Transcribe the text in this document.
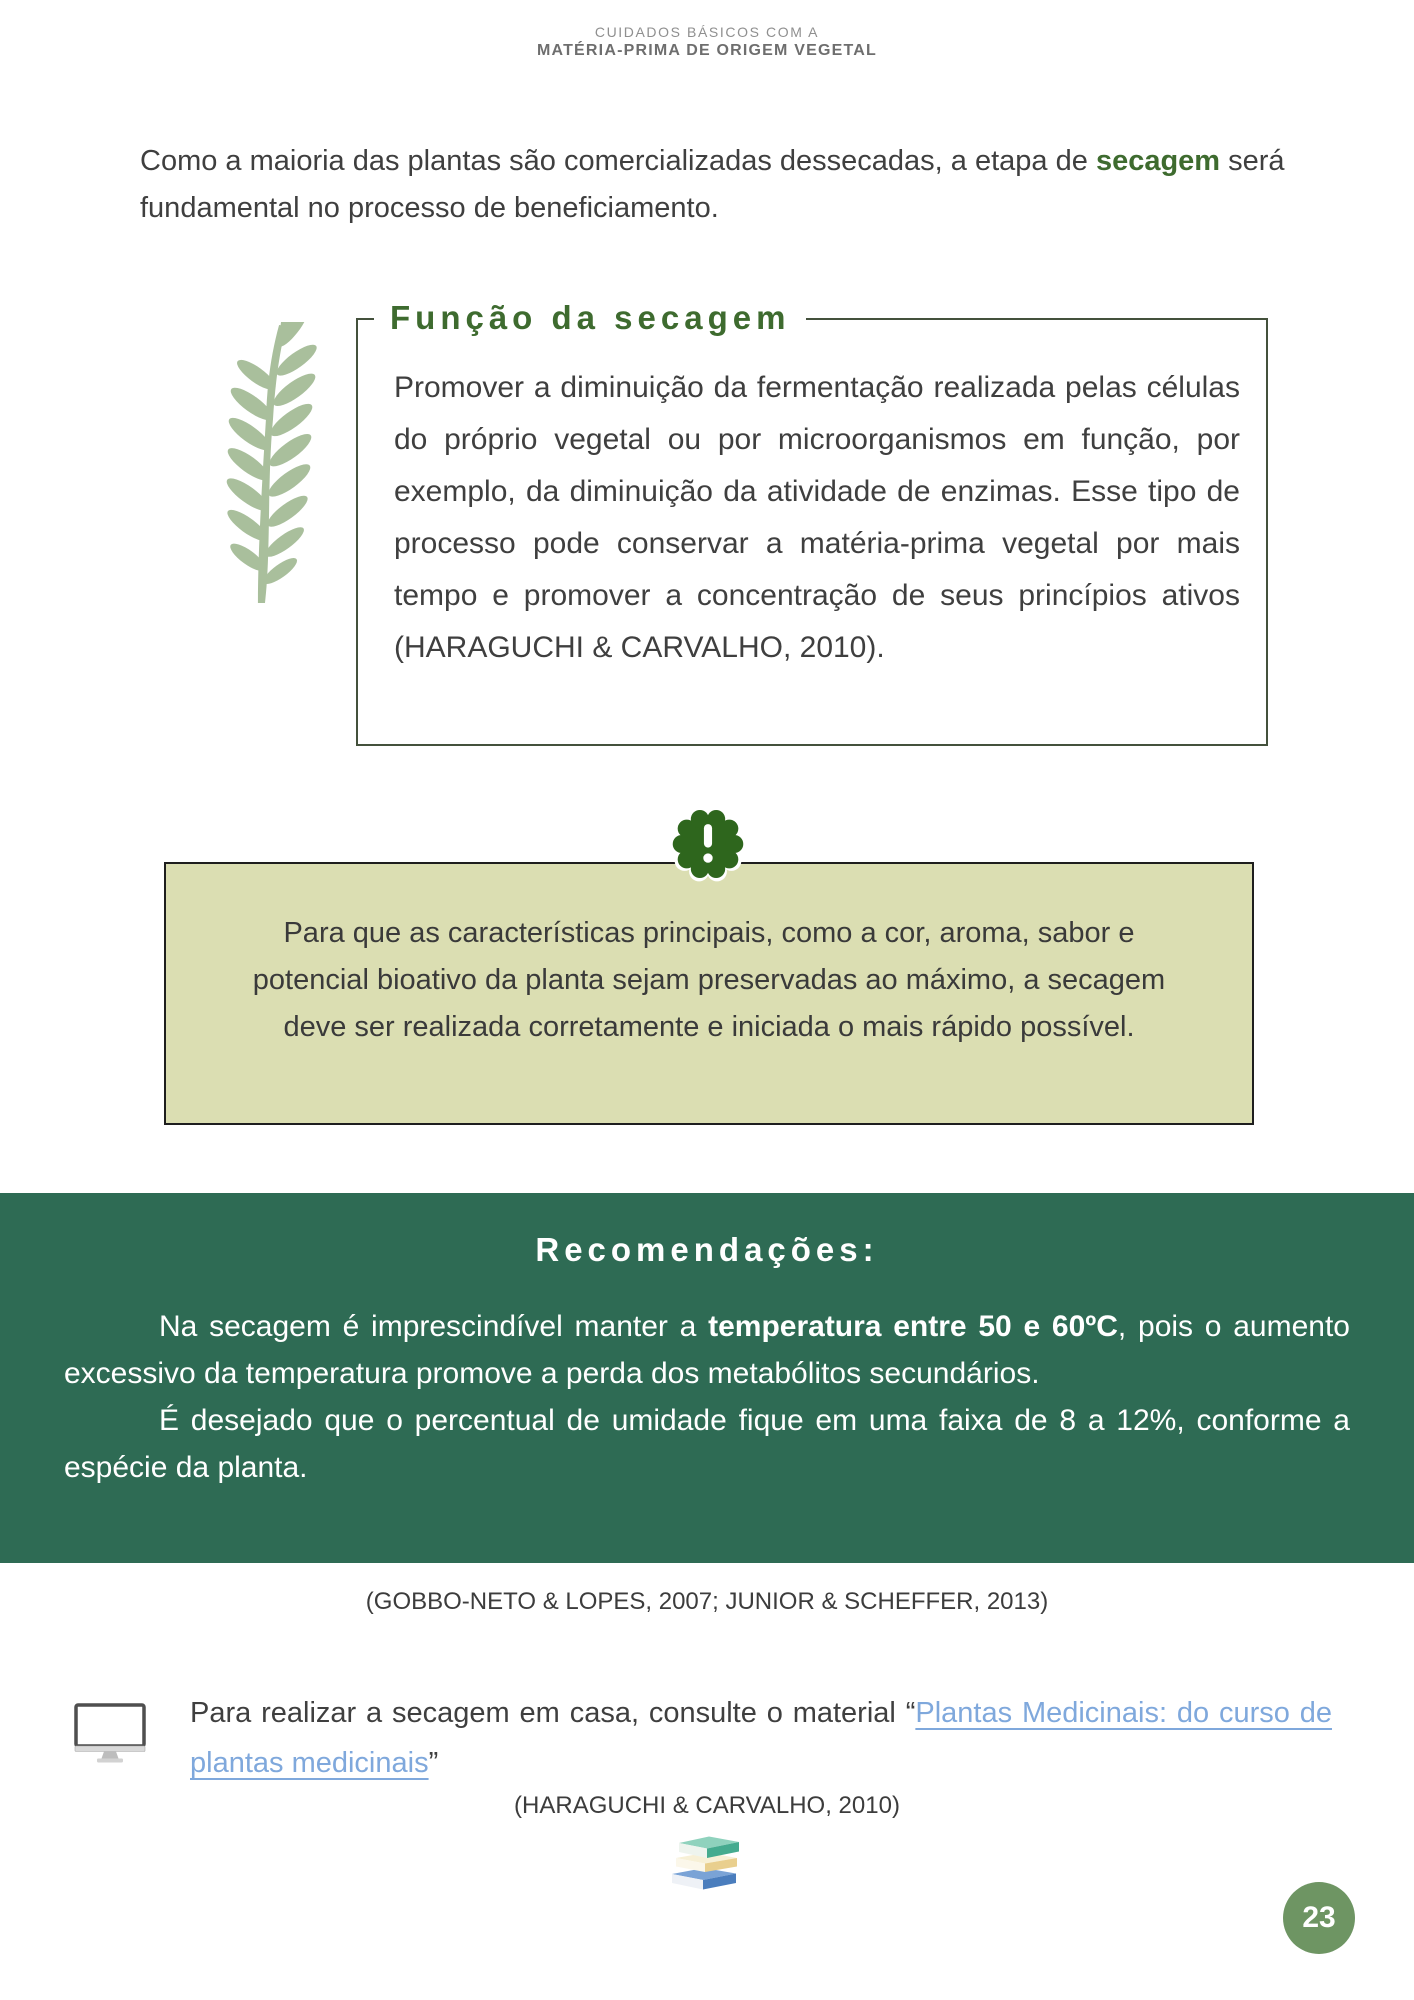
CUIDADOS BÁSICOS COM A
MATÉRIA-PRIMA DE ORIGEM VEGETAL

Como a maioria das plantas são comercializadas dessecadas, a etapa de secagem será fundamental no processo de beneficiamento.

Função da secagem

Promover a diminuição da fermentação realizada pelas células do próprio vegetal ou por microorganismos em função, por exemplo, da diminuição da atividade de enzimas. Esse tipo de processo pode conservar a matéria-prima vegetal por mais tempo e promover a concentração de seus princípios ativos (HARAGUCHI & CARVALHO, 2010).

Para que as características principais, como a cor, aroma, sabor e potencial bioativo da planta sejam preservadas ao máximo, a secagem deve ser realizada corretamente e iniciada o mais rápido possível.
Recomendações:

Na secagem é imprescindível manter a temperatura entre 50 e 60ºC, pois o aumento excessivo da temperatura promove a perda dos metabólitos secundários.

É desejado que o percentual de umidade fique em uma faixa de 8 a 12%, conforme a espécie da planta.

(GOBBO-NETO & LOPES, 2007; JUNIOR & SCHEFFER, 2013)

Para realizar a secagem em casa, consulte o material “Plantas Medicinais: do curso de plantas medicinais”

(HARAGUCHI & CARVALHO, 2010)
23
